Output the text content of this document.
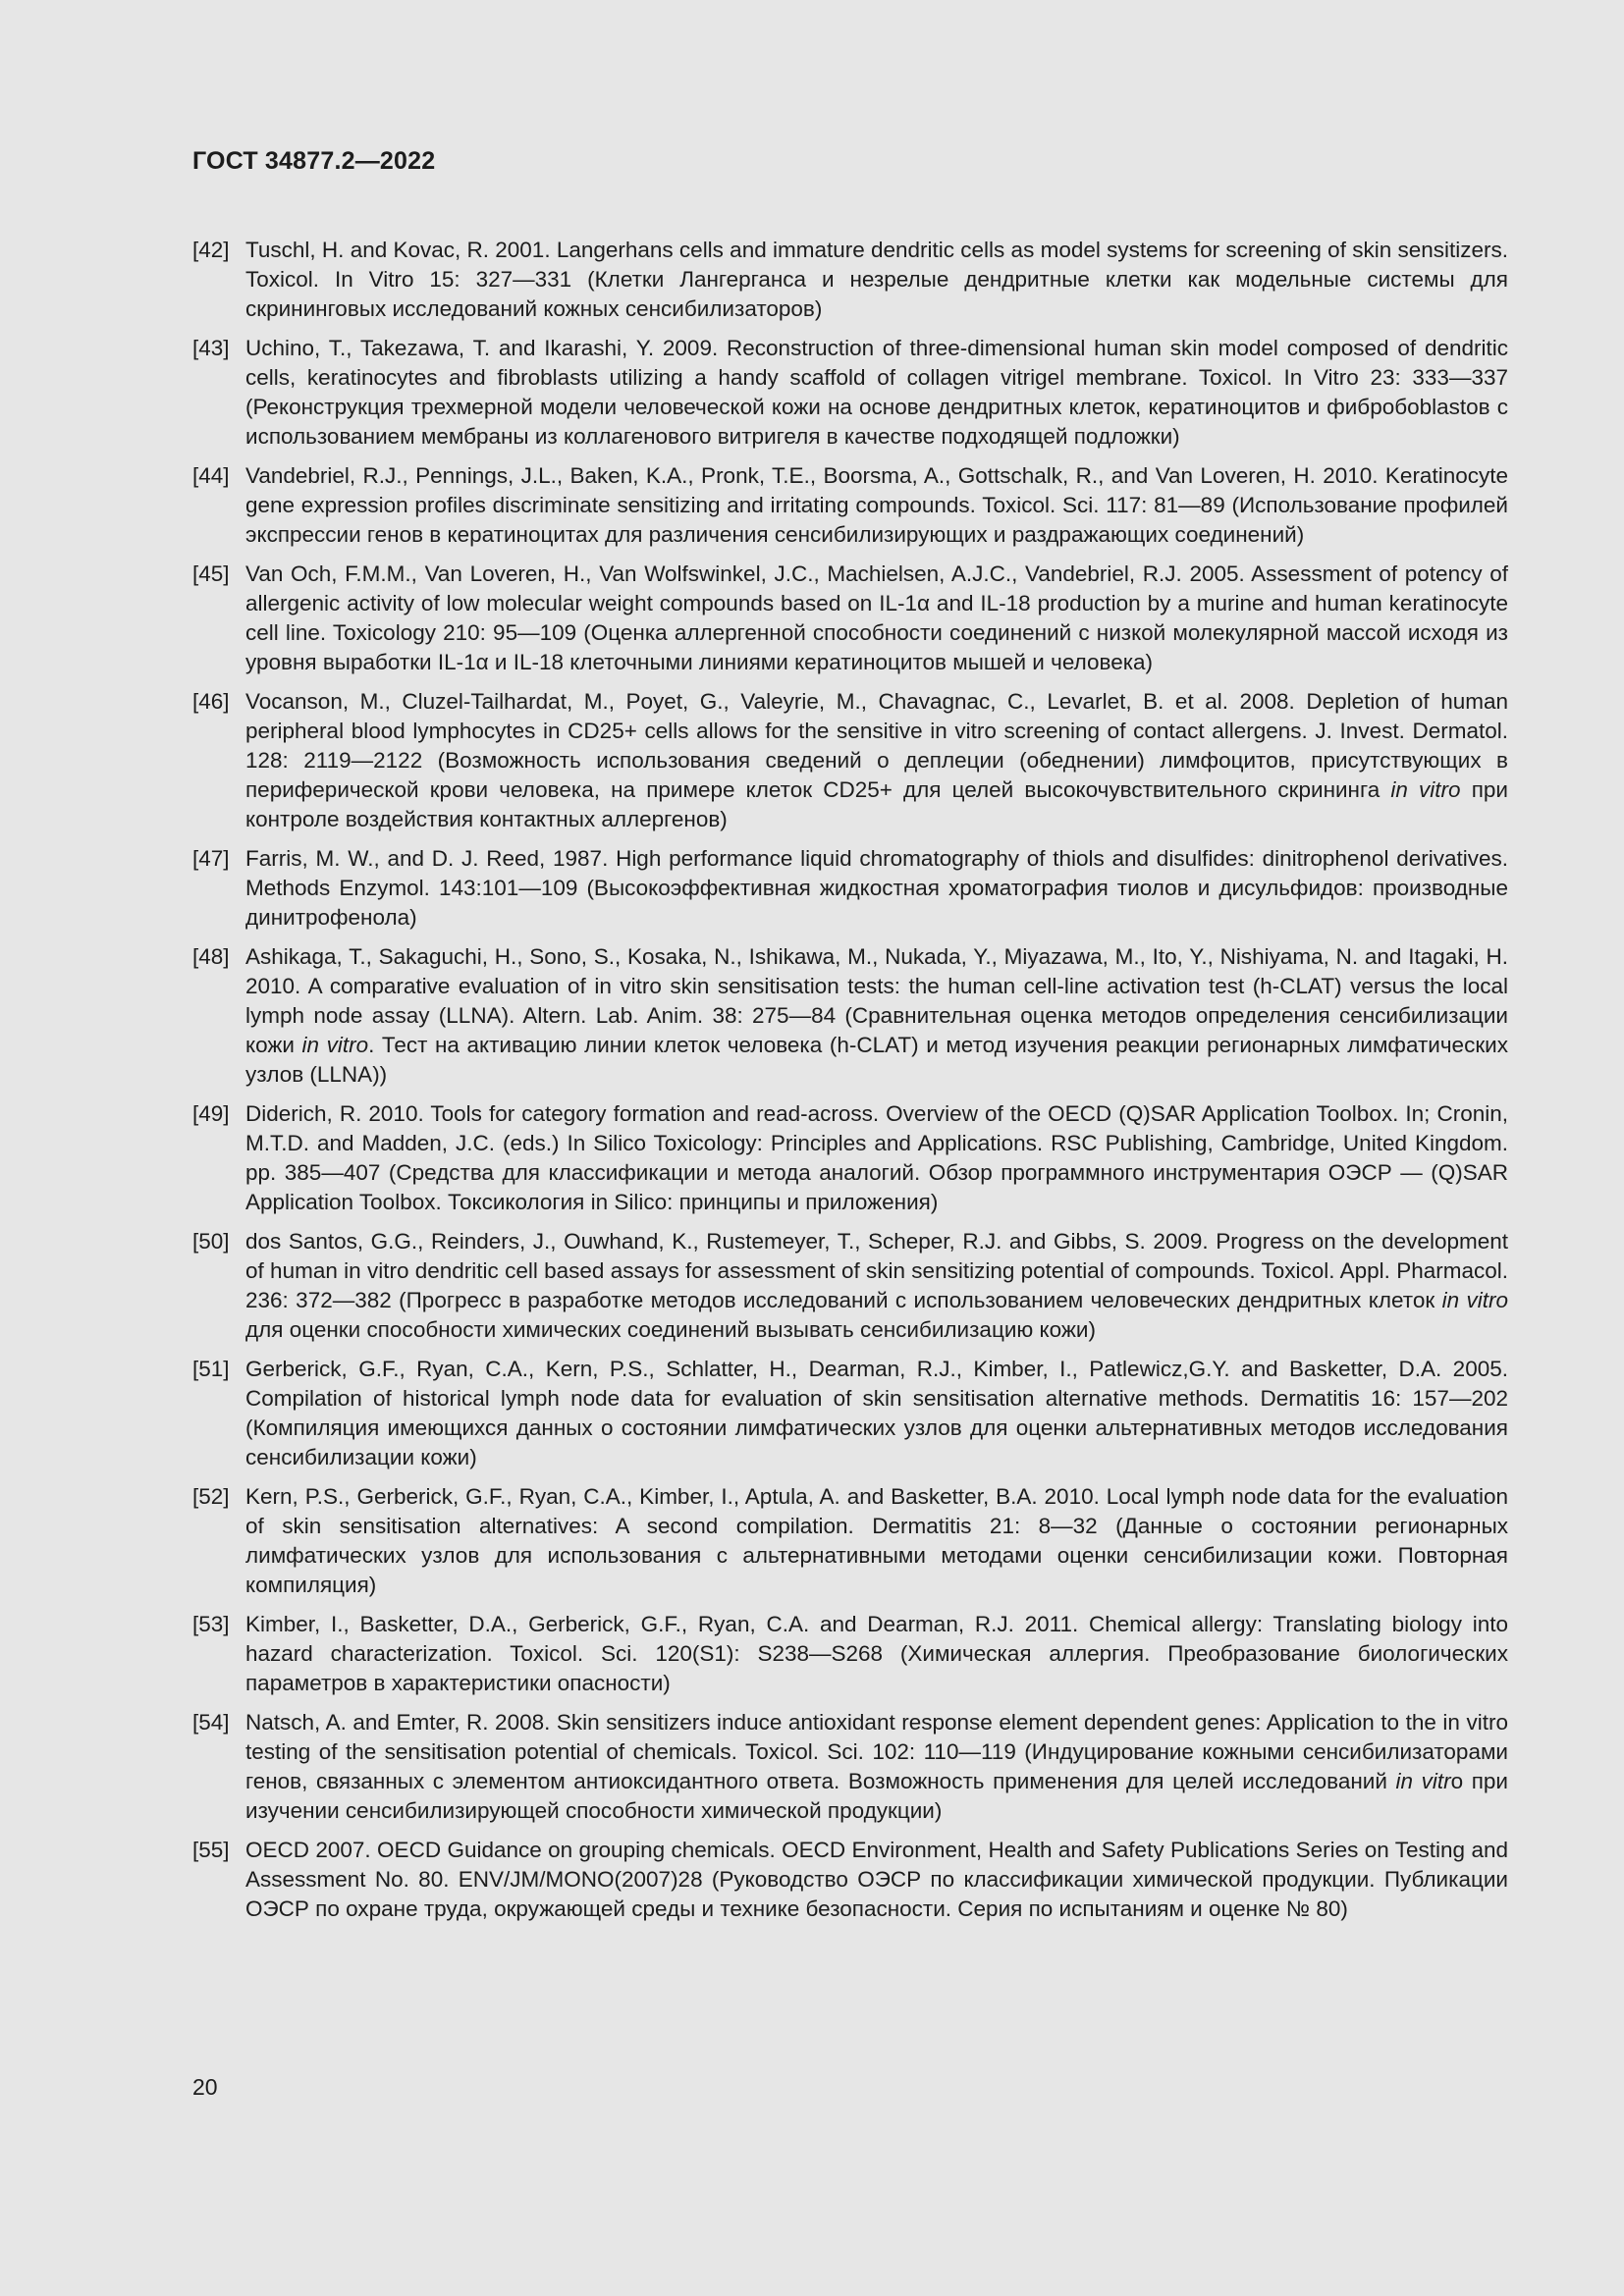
ГОСТ 34877.2—2022
[42] Tuschl, H. and Kovac, R. 2001. Langerhans cells and immature dendritic cells as model systems for screening of skin sensitizers. Toxicol. In Vitro 15: 327—331 (Клетки Лангерганса и незрелые дендритные клетки как модельные системы для скрининговых исследований кожных сенсибилизаторов)
[43] Uchino, T., Takezawa, T. and Ikarashi, Y. 2009. Reconstruction of three-dimensional human skin model composed of dendritic cells, keratinocytes and fibroblasts utilizing a handy scaffold of collagen vitrigel membrane. Toxicol. In Vitro 23: 333—337 (Реконструкция трехмерной модели человеческой кожи на основе дендритных клеток, кератиноцитов и фибробоblastов с использованием мембраны из коллагенового витригеля в качестве подходящей подложки)
[44] Vandebriel, R.J., Pennings, J.L., Baken, K.A., Pronk, T.E., Boorsma, A., Gottschalk, R., and Van Loveren, H. 2010. Keratinocyte gene expression profiles discriminate sensitizing and irritating compounds. Toxicol. Sci. 117: 81—89 (Использование профилей экспрессии генов в кератиноцитах для различения сенсибилизирующих и раздражающих соединений)
[45] Van Och, F.M.M., Van Loveren, H., Van Wolfswinkel, J.C., Machielsen, A.J.C., Vandebriel, R.J. 2005. Assessment of potency of allergenic activity of low molecular weight compounds based on IL-1α and IL-18 production by a murine and human keratinocyte cell line. Toxicology 210: 95—109 (Оценка аллергенной способности соединений с низкой молекулярной массой исходя из уровня выработки IL-1α и IL-18 клеточными линиями кератиноцитов мышей и человека)
[46] Vocanson, M., Cluzel-Tailhardat, M., Poyet, G., Valeyrie, M., Chavagnac, C., Levarlet, B. et al. 2008. Depletion of human peripheral blood lymphocytes in CD25+ cells allows for the sensitive in vitro screening of contact allergens. J. Invest. Dermatol. 128: 2119—2122 (Возможность использования сведений о деплеции (обеднении) лимфоцитов, присутствующих в периферической крови человека, на примере клеток CD25+ для целей высокочувствительного скрининга in vitro при контроле воздействия контактных аллергенов)
[47] Farris, M. W., and D. J. Reed, 1987. High performance liquid chromatography of thiols and disulfides: dinitrophenol derivatives. Methods Enzymol. 143:101—109 (Высокоэффективная жидкостная хроматография тиолов и дисульфидов: производные динитрофенола)
[48] Ashikaga, T., Sakaguchi, H., Sono, S., Kosaka, N., Ishikawa, M., Nukada, Y., Miyazawa, M., Ito, Y., Nishiyama, N. and Itagaki, H. 2010. A comparative evaluation of in vitro skin sensitisation tests: the human cell-line activation test (h-CLAT) versus the local lymph node assay (LLNA). Altern. Lab. Anim. 38: 275—84 (Сравнительная оценка методов определения сенсибилизации кожи in vitro. Тест на активацию линии клеток человека (h-CLAT) и метод изучения реакции регионарных лимфатических узлов (LLNA))
[49] Diderich, R. 2010. Tools for category formation and read-across. Overview of the OECD (Q)SAR Application Toolbox. In; Cronin, M.T.D. and Madden, J.C. (eds.) In Silico Toxicology: Principles and Applications. RSC Publishing, Cambridge, United Kingdom. pp. 385—407 (Средства для классификации и метода аналогий. Обзор программного инструментария ОЭСР — (Q)SAR Application Toolbox. Токсикология in Silico: принципы и приложения)
[50] dos Santos, G.G., Reinders, J., Ouwhand, K., Rustemeyer, T., Scheper, R.J. and Gibbs, S. 2009. Progress on the development of human in vitro dendritic cell based assays for assessment of skin sensitizing potential of compounds. Toxicol. Appl. Pharmacol. 236: 372—382 (Прогресс в разработке методов исследований с использованием человеческих дендритных клеток in vitro для оценки способности химических соединений вызывать сенсибилизацию кожи)
[51] Gerberick, G.F., Ryan, C.A., Kern, P.S., Schlatter, H., Dearman, R.J., Kimber, I., Patlewicz,G.Y. and Basketter, D.A. 2005. Compilation of historical lymph node data for evaluation of skin sensitisation alternative methods. Dermatitis 16: 157—202 (Компиляция имеющихся данных о состоянии лимфатических узлов для оценки альтернативных методов исследования сенсибилизации кожи)
[52] Kern, P.S., Gerberick, G.F., Ryan, C.A., Kimber, I., Aptula, A. and Basketter, B.A. 2010. Local lymph node data for the evaluation of skin sensitisation alternatives: A second compilation. Dermatitis 21: 8—32 (Данные о состоянии регионарных лимфатических узлов для использования с альтернативными методами оценки сенсибилизации кожи. Повторная компиляция)
[53] Kimber, I., Basketter, D.A., Gerberick, G.F., Ryan, C.A. and Dearman, R.J. 2011. Chemical allergy: Translating biology into hazard characterization. Toxicol. Sci. 120(S1): S238—S268 (Химическая аллергия. Преобразование биологических параметров в характеристики опасности)
[54] Natsch, A. and Emter, R. 2008. Skin sensitizers induce antioxidant response element dependent genes: Application to the in vitro testing of the sensitisation potential of chemicals. Toxicol. Sci. 102: 110—119 (Индуцирование кожными сенсибилизаторами генов, связанных с элементом антиоксидантного ответа. Возможность применения для целей исследований in vitro при изучении сенсибилизирующей способности химической продукции)
[55] OECD 2007. OECD Guidance on grouping chemicals. OECD Environment, Health and Safety Publications Series on Testing and Assessment No. 80. ENV/JM/MONO(2007)28 (Руководство ОЭСР по классификации химической продукции. Публикации ОЭСР по охране труда, окружающей среды и технике безопасности. Серия по испытаниям и оценке № 80)
20
